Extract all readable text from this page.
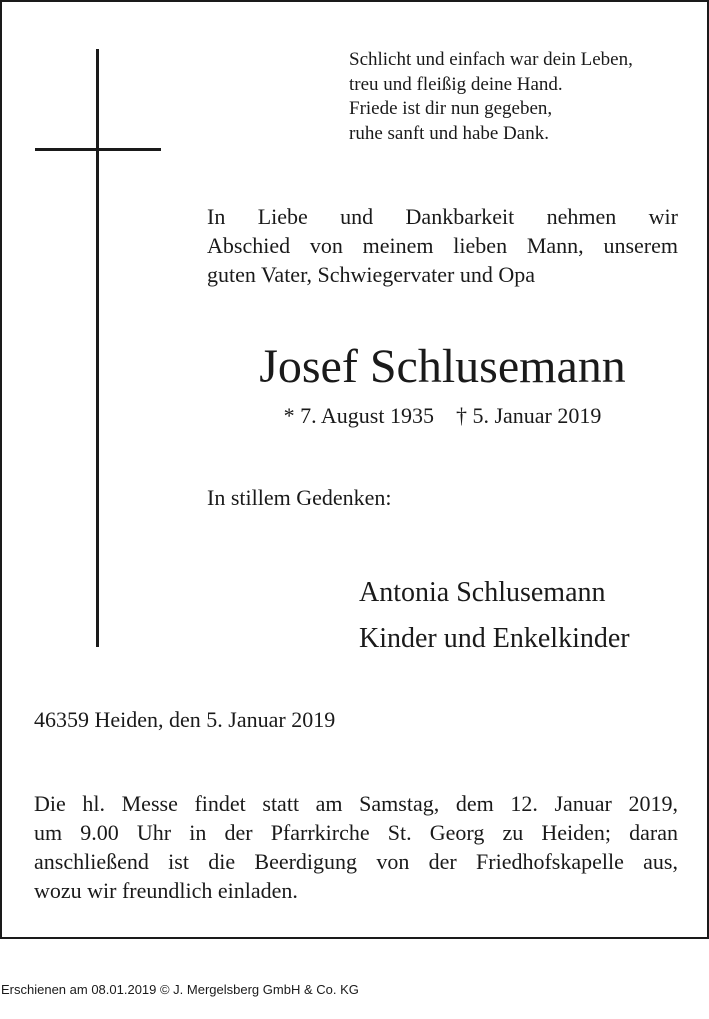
Schlicht und einfach war dein Leben,
treu und fleißig deine Hand.
Friede ist dir nun gegeben,
ruhe sanft und habe Dank.
In Liebe und Dankbarkeit nehmen wir
Abschied von meinem lieben Mann, unserem
guten Vater, Schwiegervater und Opa
Josef Schlusemann
* 7. August 1935 † 5. Januar 2019
In stillem Gedenken:
Antonia Schlusemann
Kinder und Enkelkinder
46359 Heiden, den 5. Januar 2019
Die hl. Messe findet statt am Samstag, dem 12. Januar 2019,
um 9.00 Uhr in der Pfarrkirche St. Georg zu Heiden; daran
anschließend ist die Beerdigung von der Friedhofskapelle aus,
wozu wir freundlich einladen.
Erschienen am 08.01.2019 © J. Mergelsberg GmbH & Co. KG
